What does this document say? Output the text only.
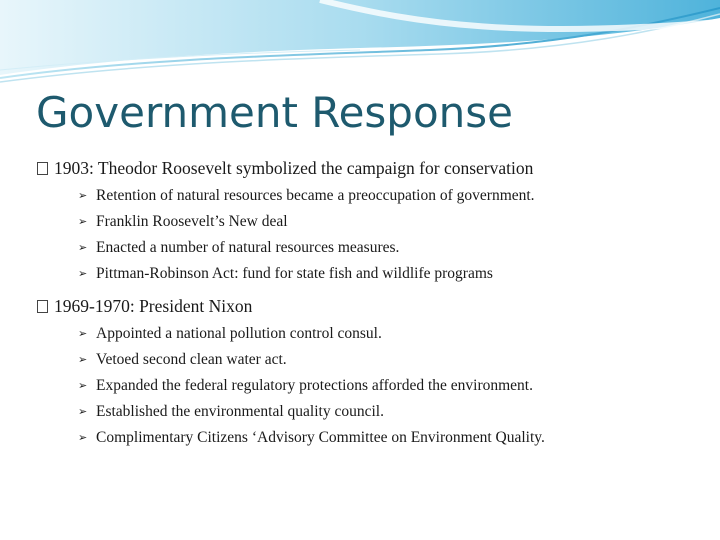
Government Response
1903: Theodor Roosevelt symbolized the campaign for conservation
➢ Retention of natural resources became a preoccupation of government.
➢ Franklin Roosevelt’s New deal
➢ Enacted a number of natural resources measures.
➢ Pittman-Robinson Act: fund for state fish and wildlife programs
1969-1970: President Nixon
➢ Appointed a national pollution control consul.
➢ Vetoed second clean water act.
➢ Expanded the federal regulatory protections afforded the environment.
➢ Established the environmental quality council.
➢ Complimentary Citizens ‘Advisory Committee on Environment Quality.
